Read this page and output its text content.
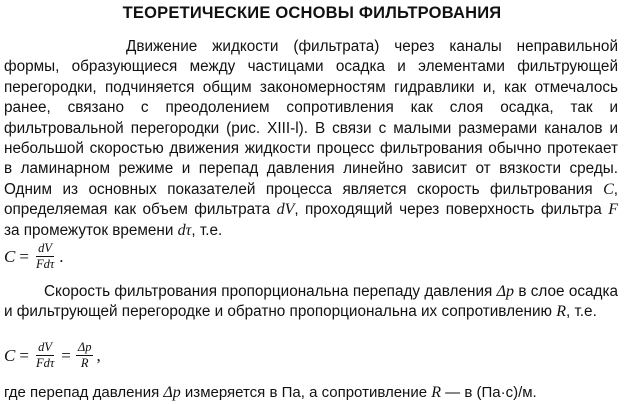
ТЕОРЕТИЧЕСКИЕ ОСНОВЫ ФИЛЬТРОВАНИЯ
Движение жидкости (фильтрата) через каналы неправильной формы, образующиеся между частицами осадка и элементами фильтрующей перегородки, подчиняется общим закономерностям гидравлики и, как отмечалось ранее, связано с преодолением сопротивления как слоя осадка, так и фильтровальной перегородки (рис. XIII-l). В связи с малыми размерами каналов и небольшой скоростью движения жидкости процесс фильтрования обычно протекает в ламинарном режиме и перепад давления линейно зависит от вязкости среды. Одним из основных показателей процесса является скорость фильтрования C, определяемая как объем фильтрата dV, проходящий через поверхность фильтра F за промежуток времени dτ, т.е.
$C = \frac{dV}{\text{Fdτ}}$ .
Скорость фильтрования пропорциональна перепаду давления Δp в слое осадка и фильтрующей перегородке и обратно пропорциональна их сопротивлению R, т.е.
$C = \frac{dV}{\text{Fdτ}} = \frac{\Delta p}{R}$ ,
где перепад давления Δp измеряется в Па, а сопротивление R — в (Па·с)/м.
